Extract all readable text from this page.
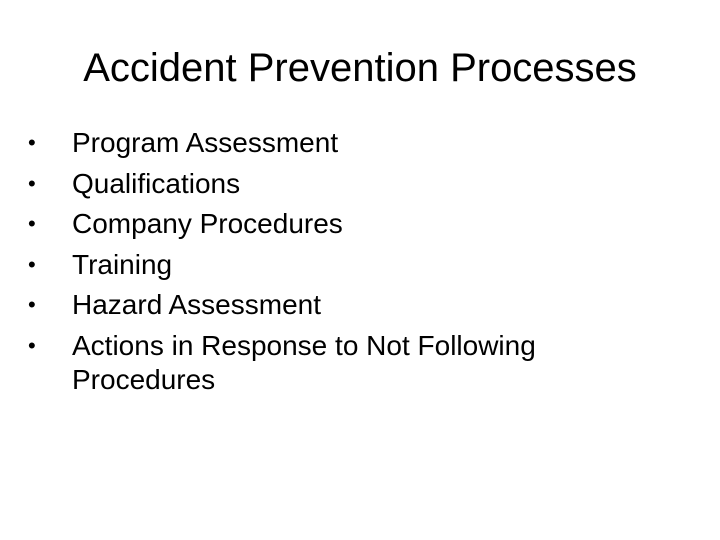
Accident Prevention Processes
•	Program Assessment
•	Qualifications
•	Company Procedures
•	Training
•	Hazard Assessment
•	Actions in Response to Not Following Procedures
